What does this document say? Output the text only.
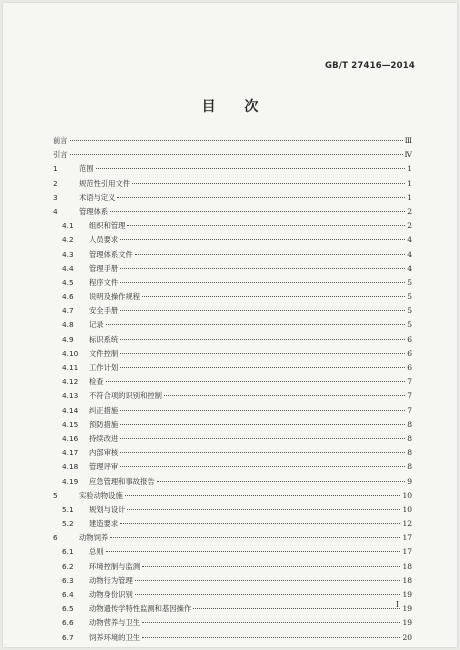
GB/T 27416—2014
目 次
前言	Ⅲ
引言	Ⅳ
1	范围	1
2	规范性引用文件	1
3	术语与定义	1
4	管理体系	2
4.1	组织和管理	2
4.2	人员要求	4
4.3	管理体系文件	4
4.4	管理手册	4
4.5	程序文件	5
4.6	说明及操作规程	5
4.7	安全手册	5
4.8	记录	5
4.9	标识系统	6
4.10	文件控制	6
4.11	工作计划	6
4.12	检查	7
4.13	不符合项的识别和控制	7
4.14	纠正措施	7
4.15	预防措施	8
4.16	持续改进	8
4.17	内部审核	8
4.18	管理评审	8
4.19	应急管理和事故报告	9
5	实验动物设施	10
5.1	规划与设计	10
5.2	建造要求	12
6	动物饲养	17
6.1	总则	17
6.2	环境控制与监测	18
6.3	动物行为管理	18
6.4	动物身份识别	19
6.5	动物遗传学特性监测和基因操作	19
6.6	动物营养与卫生	19
6.7	饲养环境的卫生	20
Ⅰ
